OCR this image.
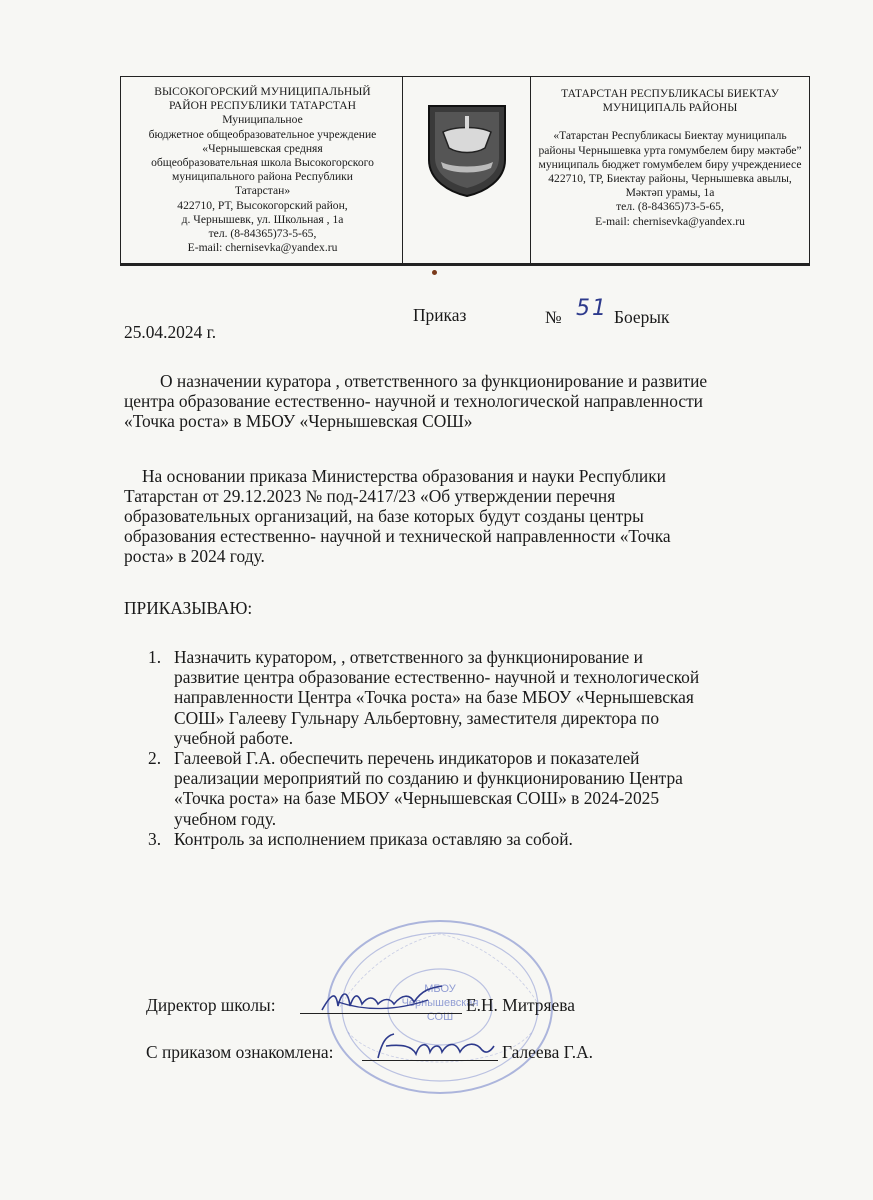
ВЫСОКОГОРСКИЙ МУНИЦИПАЛЬНЫЙ
РАЙОН РЕСПУБЛИКИ ТАТАРСТАН
Муниципальное
бюджетное общеобразовательное учреждение
«Чернышевская средняя
общеобразовательная школа Высокогорского
муниципального района Республики
Татарстан»
422710, РТ, Высокогорский район,
д. Чернышевк, ул. Школьная , 1а
тел. (8-84365)73-5-65,
E-mail: chernisevka@yandex.ru
ТАТАРСТАН РЕСПУБЛИКАСЫ БИЕКТАУ
МУНИЦИПАЛЬ РАЙОНЫ
«Татарстан Республикасы Биектау муниципаль
районы Чернышевка урта гомумбелем биру мәктәбе”
муниципаль бюджет гомумбелем биру учреждениесе
422710, ТР, Биектау районы, Чернышевка авылы,
Мәктәп урамы, 1а
тел. (8-84365)73-5-65,
E-mail: chernisevka@yandex.ru
Приказ	№ 51 Боерык
25.04.2024 г.
О назначении куратора , ответственного за функционирование и развитие
центра образование естественно- научной и технологической направленности
«Точка роста» в МБОУ «Чернышевская СОШ»
На основании приказа Министерства образования и науки Республики
Татарстан от 29.12.2023 № под-2417/23 «Об утверждении перечня
образовательных организаций, на базе которых будут созданы центры
образования естественно- научной и технической направленности «Точка
роста» в 2024 году.
ПРИКАЗЫВАЮ:
1. Назначить куратором, , ответственного за функционирование и
развитие центра образование естественно- научной и технологической
направленности Центра «Точка роста» на базе МБОУ «Чернышевская
СОШ» Галееву Гульнару Альбертовну, заместителя директора по
учебной работе.
2. Галеевой Г.А. обеспечить перечень индикаторов и показателей
реализации мероприятий по созданию и функционированию Центра
«Точка роста» на базе МБОУ «Чернышевская СОШ» в 2024-2025
учебном году.
3. Контроль за исполнением приказа оставляю за собой.
МБОУ
Чернышевская
СОШ
Директор школы:	Е.Н. Митряева
С приказом ознакомлена:	Галеева Г.А.
